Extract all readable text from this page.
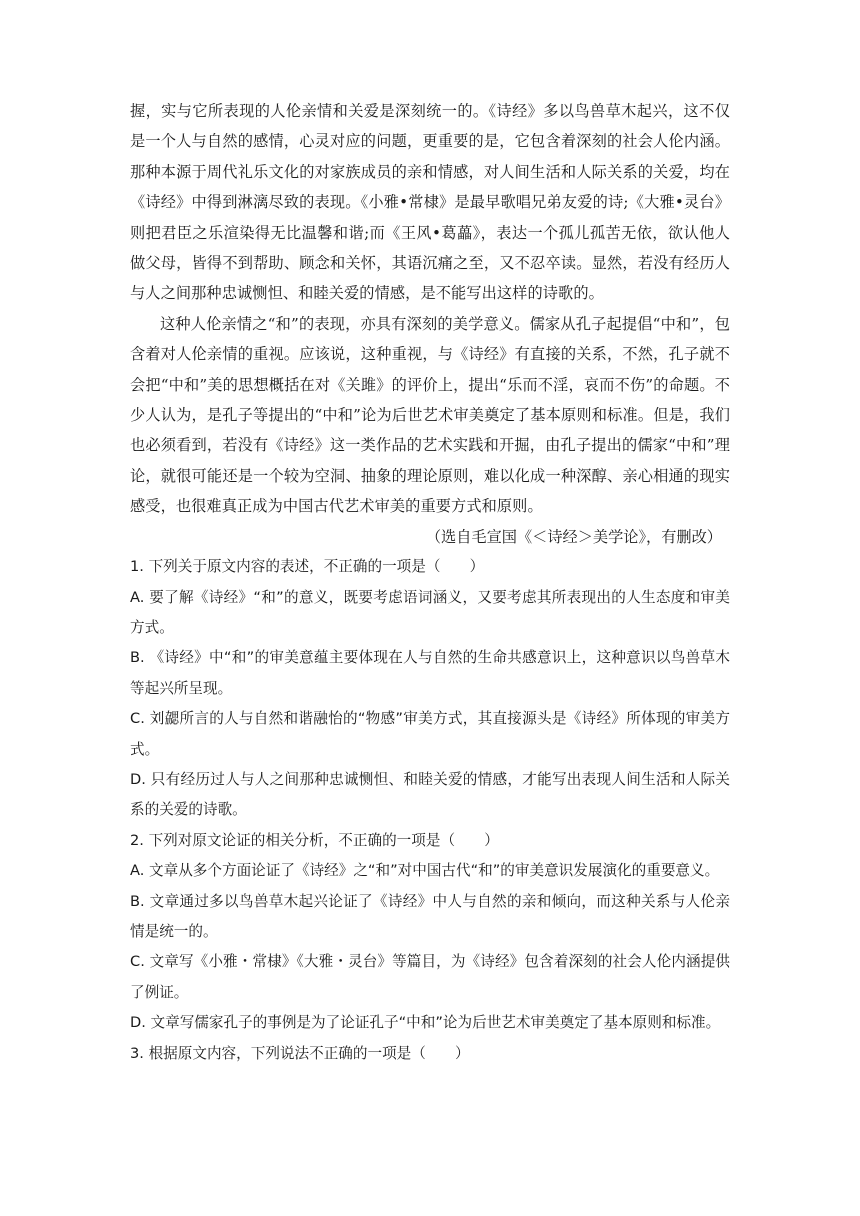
握，实与它所表现的人伦亲情和关爱是深刻统一的。《诗经》多以鸟兽草木起兴，这不仅是一个人与自然的感情，心灵对应的问题，更重要的是，它包含着深刻的社会人伦内涵。那种本源于周代礼乐文化的对家族成员的亲和情感，对人间生活和人际关系的关爱，均在《诗经》中得到淋漓尽致的表现。《小雅•常棣》是最早歌唱兄弟友爱的诗;《大雅•灵台》则把君臣之乐渲染得无比温馨和谐;而《王风•葛藟》，表达一个孤儿孤苦无依，欲认他人做父母，皆得不到帮助、顾念和关怀，其语沉痛之至，又不忍卒读。显然，若没有经历人与人之间那种忠诚恻怛、和睦关爱的情感，是不能写出这样的诗歌的。

这种人伦亲情之“和”的表现，亦具有深刻的美学意义。儒家从孔子起提倡“中和”，包含着对人伦亲情的重视。应该说，这种重视，与《诗经》有直接的关系，不然，孔子就不会把“中和”美的思想概括在对《关雎》的评价上，提出“乐而不淫，哀而不伤”的命题。不少人认为，是孔子等提出的“中和”论为后世艺术审美奠定了基本原则和标准。但是，我们也必须看到，若没有《诗经》这一类作品的艺术实践和开掘，由孔子提出的儒家“中和”理论，就很可能还是一个较为空洞、抽象的理论原则，难以化成一种深醇、亲心相通的现实感受，也很难真正成为中国古代艺术审美的重要方式和原则。

（选自毛宣国《＜诗经＞美学论》，有删改）

1. 下列关于原文内容的表述，不正确的一项是（　　）

A. 要了解《诗经》“和”的意义，既要考虑语词涵义，又要考虑其所表现出的人生态度和审美方式。

B. 《诗经》中“和”的审美意蕴主要体现在人与自然的生命共感意识上，这种意识以鸟兽草木等起兴所呈现。

C. 刘勰所言的人与自然和谐融怡的“物感”审美方式，其直接源头是《诗经》所体现的审美方式。

D. 只有经历过人与人之间那种忠诚恻怛、和睦关爱的情感，才能写出表现人间生活和人际关系的关爱的诗歌。

2. 下列对原文论证的相关分析，不正确的一项是（　　）

A. 文章从多个方面论证了《诗经》之“和”对中国古代“和”的审美意识发展演化的重要意义。

B. 文章通过多以鸟兽草木起兴论证了《诗经》中人与自然的亲和倾向，而这种关系与人伦亲情是统一的。

C. 文章写《小雅・常棣》《大雅・灵台》等篇目，为《诗经》包含着深刻的社会人伦内涵提供了例证。

D. 文章写儒家孔子的事例是为了论证孔子“中和”论为后世艺术审美奠定了基本原则和标准。

3. 根据原文内容，下列说法不正确的一项是（　　）
